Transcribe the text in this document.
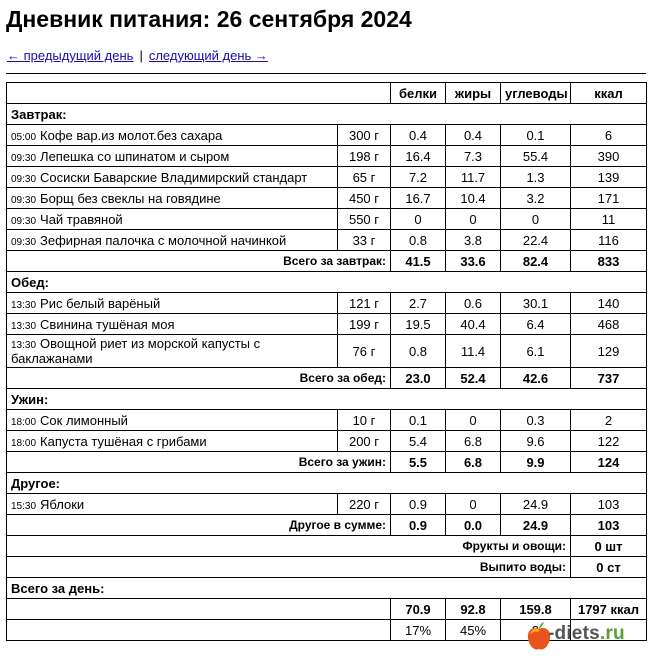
Дневник питания: 26 сентября 2024
← предыдущий день | следующий день →
		белки	жиры	углеводы	ккал
Завтрак:					
05:00 Кофе вар.из молот.без сахара	300 г	0.4	0.4	0.1	6
09:30 Лепешка со шпинатом и сыром	198 г	16.4	7.3	55.4	390
09:30 Сосиски Баварские Владимирский стандарт	65 г	7.2	11.7	1.3	139
09:30 Борщ без свеклы на говядине	450 г	16.7	10.4	3.2	171
09:30 Чай травяной	550 г	0	0	0	11
09:30 Зефирная палочка с молочной начинкой	33 г	0.8	3.8	22.4	116
Всего за завтрак:		41.5	33.6	82.4	833
Обед:					
13:30 Рис белый варёный	121 г	2.7	0.6	30.1	140
13:30 Свинина тушёная моя	199 г	19.5	40.4	6.4	468
13:30 Овощной риет из морской капусты с баклажанами	76 г	0.8	11.4	6.1	129
Всего за обед:		23.0	52.4	42.6	737
Ужин:					
18:00 Сок лимонный	10 г	0.1	0	0.3	2
18:00 Капуста тушёная с грибами	200 г	5.4	6.8	9.6	122
Всего за ужин:		5.5	6.8	9.9	124
Другое:					
15:30 Яблоки	220 г	0.9	0	24.9	103
Другое в сумме:		0.9	0.0	24.9	103
Фрукты и овощи:					0 шт
Выпито воды:					0 ст
Всего за день:					
		70.9	92.8	159.8	1797 ккал
		17%	45%			-diets.ru
